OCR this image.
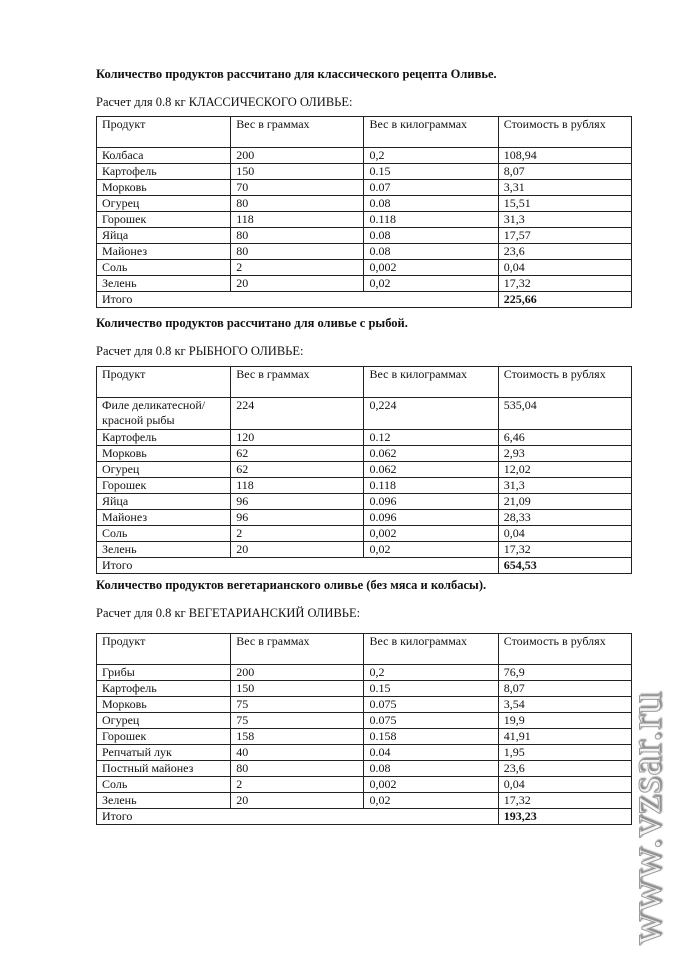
Количество продуктов рассчитано для классического рецепта Оливье.

Расчет для 0.8 кг КЛАССИЧЕСКОГО ОЛИВЬЕ:

Продукт	Вес в граммах	Вес в килограммах	Стоимость в рублях
Колбаса	200	0,2	108,94
Картофель	150	0.15	8,07
Морковь	70	0.07	3,31
Огурец	80	0.08	15,51
Горошек	118	0.118	31,3
Яйца	80	0.08	17,57
Майонез	80	0.08	23,6
Соль	2	0,002	0,04
Зелень	20	0,02	17,32
Итого			225,66

Количество продуктов рассчитано для оливье с рыбой.

Расчет для 0.8 кг РЫБНОГО ОЛИВЬЕ:

Продукт	Вес в граммах	Вес в килограммах	Стоимость в рублях
Филе деликатесной/ красной рыбы	224	0,224	535,04
Картофель	120	0.12	6,46
Морковь	62	0.062	2,93
Огурец	62	0.062	12,02
Горошек	118	0.118	31,3
Яйца	96	0.096	21,09
Майонез	96	0.096	28,33
Соль	2	0,002	0,04
Зелень	20	0,02	17,32
Итого			654,53

Количество продуктов вегетарианского оливье (без мяса и колбасы).

Расчет для 0.8 кг ВЕГЕТАРИАНСКИЙ ОЛИВЬЕ:

Продукт	Вес в граммах	Вес в килограммах	Стоимость в рублях
Грибы	200	0,2	76,9
Картофель	150	0.15	8,07
Морковь	75	0.075	3,54
Огурец	75	0.075	19,9
Горошек	158	0.158	41,91
Репчатый лук	40	0.04	1,95
Постный майонез	80	0.08	23,6
Соль	2	0,002	0,04
Зелень	20	0,02	17,32
Итого			193,23 www.vzsar.ru
